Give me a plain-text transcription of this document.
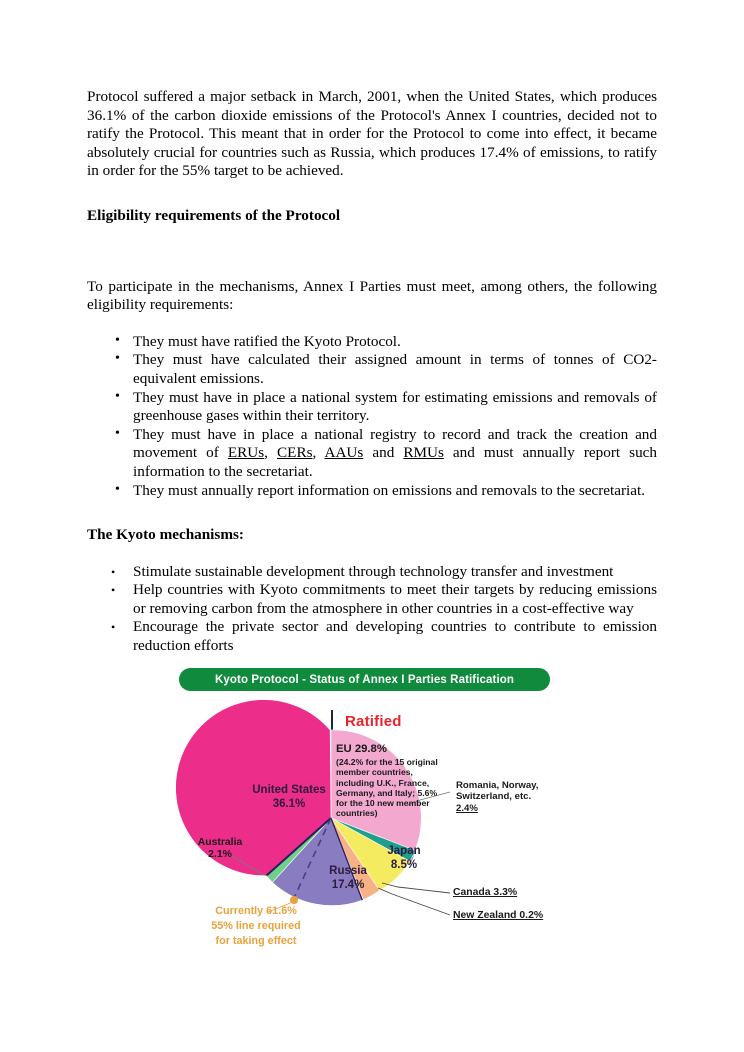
Protocol suffered a major setback in March, 2001, when the United States, which produces 36.1% of the carbon dioxide emissions of the Protocol's Annex I countries, decided not to ratify the Protocol. This meant that in order for the Protocol to come into effect, it became absolutely crucial for countries such as Russia, which produces 17.4% of emissions, to ratify in order for the 55% target to be achieved.

Eligibility requirements of the Protocol

To participate in the mechanisms, Annex I Parties must meet, among others, the following eligibility requirements:

• They must have ratified the Kyoto Protocol.
• They must have calculated their assigned amount in terms of tonnes of CO2-equivalent emissions.
• They must have in place a national system for estimating emissions and removals of greenhouse gases within their territory.
• They must have in place a national registry to record and track the creation and movement of ERUs, CERs, AAUs and RMUs and must annually report such information to the secretariat.
• They must annually report information on emissions and removals to the secretariat.
The Kyoto mechanisms:
• Stimulate sustainable development through technology transfer and investment
• Help countries with Kyoto commitments to meet their targets by reducing emissions or removing carbon from the atmosphere in other countries in a cost-effective way
• Encourage the private sector and developing countries to contribute to emission reduction efforts
Kyoto Protocol - Status of Annex I Parties Ratification
Ratified
United States
36.1%
Russia
17.4%
Japan
8.5%
EU 29.8%
(24.2% for the 15 original member countries, including U.K., France, Germany, and Italy; 5.6% for the 10 new member countries)
Romania, Norway, Switzerland, etc.
2.4%
Australia
2.1%
Canada 3.3%
New Zealand 0.2%
Currently 61.6%
55% line required
for taking effect
